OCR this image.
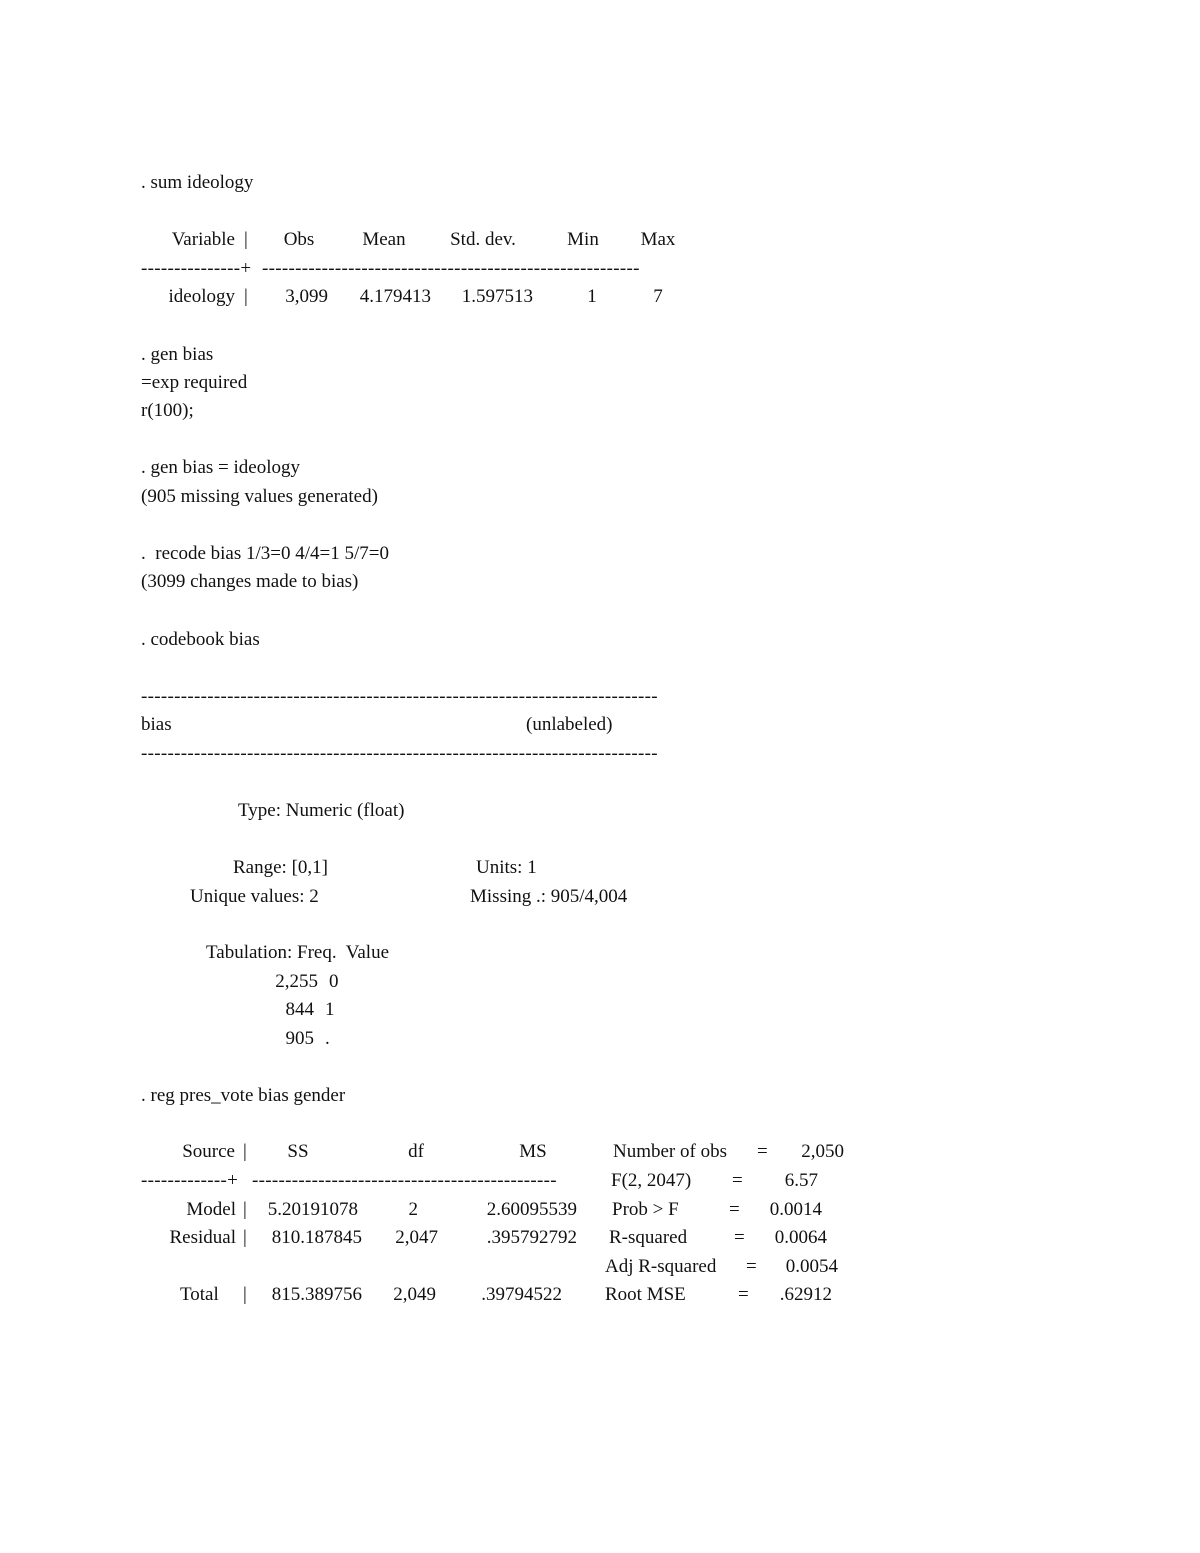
. sum ideology
Variable |	Obs	Mean	Std. dev.	Min	Max
---------------+ ---------------------------------------------------------
ideology |	3,099	4.179413	1.597513	1	7
. gen bias
=exp required
r(100);
. gen bias = ideology
(905 missing values generated)
.  recode bias 1/3=0 4/4=1 5/7=0
(3099 changes made to bias)
. codebook bias
------------------------------------------------------------------------------
bias	(unlabeled)
------------------------------------------------------------------------------
Type: Numeric (float)
Range: [0,1]	Units: 1
Unique values: 2	Missing .: 905/4,004
Tabulation: Freq.  Value
2,255 0
844 1
905 .
. reg pres_vote bias gender
Source |	SS	df	MS
-------------+ ----------------------------------------------
Model |	5.20191078	2	2.60095539
Residual |	810.187845	2,047	.395792792
Total |	815.389756	2,049	.39794522
Number of obs =	2,050
F(2, 2047) =	6.57
Prob > F	=	0.0014
R-squared =	0.0064
Adj R-squared =	0.0054
Root MSE	=	.62912
